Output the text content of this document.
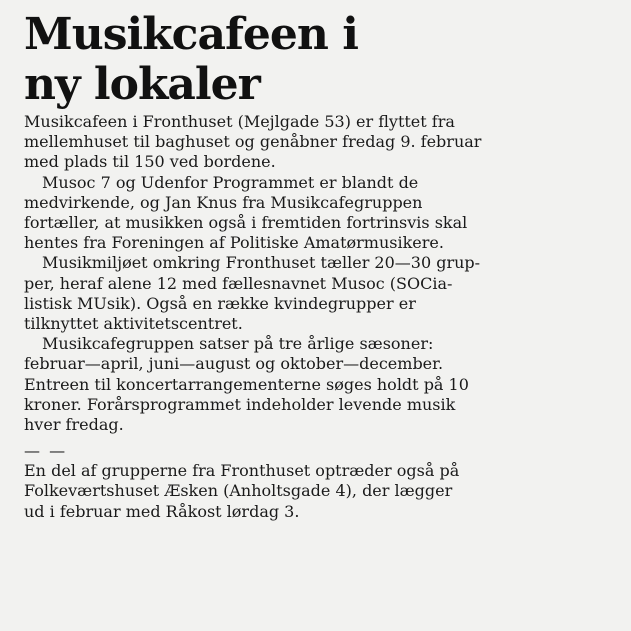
Musikcafeen i
ny lokaler

Musikcafeen i Fronthuset (Mejlgade 53) er flyttet fra
mellemhuset til baghuset og genåbner fredag 9. februar
med plads til 150 ved bordene.

Musoc 7 og Udenfor Programmet er blandt de
medvirkende, og Jan Knus fra Musikcafegruppen
fortæller, at musikken også i fremtiden fortrinsvis skal
hentes fra Foreningen af Politiske Amatørmusikere.

Musikmiljøet omkring Fronthuset tæller 20—30 grup-
per, heraf alene 12 med fællesnavnet Musoc (SOCia-
listisk MUsik). Også en række kvindegrupper er
tilknyttet aktivitetscentret.

Musikcafegruppen satser på tre årlige sæsoner:
februar—april, juni—august og oktober—december.
Entreen til koncertarrangementerne søges holdt på 10
kroner. Forårsprogrammet indeholder levende musik
hver fredag.

— —

En del af grupperne fra Fronthuset optræder også på
Folkeværtshuset Æsken (Anholtsgade 4), der lægger
ud i februar med Råkost lørdag 3.
